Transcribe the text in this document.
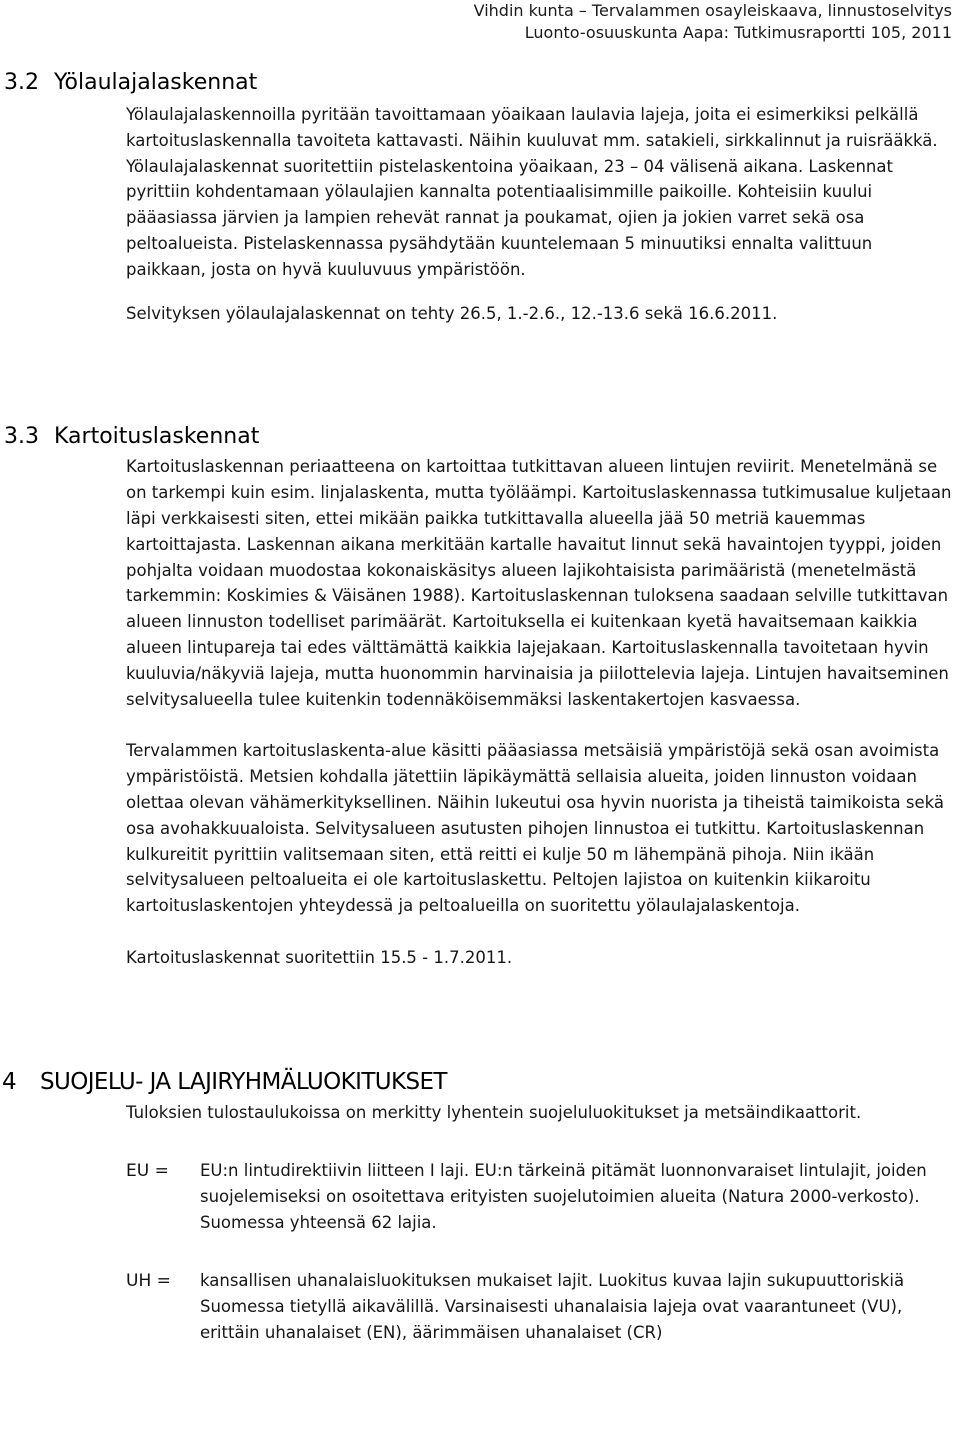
Vihdin kunta – Tervalammen osayleiskaava, linnustoselvitys
Luonto-osuuskunta Aapa: Tutkimusraportti 105, 2011
3.2 Yölaulajalaskennat

Yölaulajalaskennoilla pyritään tavoittamaan yöaikaan laulavia lajeja, joita ei esimerkiksi pelkällä kartoituslaskennalla tavoiteta kattavasti. Näihin kuuluvat mm. satakieli, sirkkalinnut ja ruisrääkkä. Yölaulajalaskennat suoritettiin pistelaskentoina yöaikaan, 23 – 04 välisenä aikana. Laskennat pyrittiin kohdentamaan yölaulajien kannalta potentiaalisimmille paikoille. Kohteisiin kuului pääasiassa järvien ja lampien rehevät rannat ja poukamat, ojien ja jokien varret sekä osa peltoalueista. Pistelaskennassa pysähdytään kuuntelemaan 5 minuutiksi ennalta valittuun paikkaan, josta on hyvä kuuluvuus ympäristöön.

Selvityksen yölaulajalaskennat on tehty 26.5, 1.-2.6., 12.-13.6 sekä 16.6.2011.

3.3 Kartoituslaskennat

Kartoituslaskennan periaatteena on kartoittaa tutkittavan alueen lintujen reviirit. Menetelmänä se on tarkempi kuin esim. linjalaskenta, mutta työläämpi. Kartoituslaskennassa tutkimusalue kuljetaan läpi verkkaisesti siten, ettei mikään paikka tutkittavalla alueella jää 50 metriä kauemmas kartoittajasta. Laskennan aikana merkitään kartalle havaitut linnut sekä havaintojen tyyppi, joiden pohjalta voidaan muodostaa kokonaiskäsitys alueen lajikohtaisista parimääristä (menetelmästä tarkemmin: Koskimies & Väisänen 1988). Kartoituslaskennan tuloksena saadaan selville tutkittavan alueen linnuston todelliset parimäärät. Kartoituksella ei kuitenkaan kyetä havaitsemaan kaikkia alueen lintupareja tai edes välttämättä kaikkia lajejakaan. Kartoituslaskennalla tavoitetaan hyvin kuuluvia/näkyviä lajeja, mutta huonommin harvinaisia ja piilottelevia lajeja. Lintujen havaitseminen selvitysalueella tulee kuitenkin todennäköisemmäksi laskentakertojen kasvaessa.

Tervalammen kartoituslaskenta-alue käsitti pääasiassa metsäisiä ympäristöjä sekä osan avoimista ympäristöistä. Metsien kohdalla jätettiin läpikäymättä sellaisia alueita, joiden linnuston voidaan olettaa olevan vähämerkityksellinen. Näihin lukeutui osa hyvin nuorista ja tiheistä taimikoista sekä osa avohakkuualoista. Selvitysalueen asutusten pihojen linnustoa ei tutkittu. Kartoituslaskennan kulkureitit pyrittiin valitsemaan siten, että reitti ei kulje 50 m lähempänä pihoja. Niin ikään selvitysalueen peltoalueita ei ole kartoituslaskettu. Peltojen lajistoa on kuitenkin kiikaroitu kartoituslaskentojen yhteydessä ja peltoalueilla on suoritettu yölaulajalaskentoja.

Kartoituslaskennat suoritettiin 15.5 - 1.7.2011.

4 SUOJELU- JA LAJIRYHMÄLUOKITUKSET

Tuloksien tulostaulukoissa on merkitty lyhentein suojeluluokitukset ja metsäindikaattorit.

EU = EU:n lintudirektiivin liitteen I laji. EU:n tärkeinä pitämät luonnonvaraiset lintulajit, joiden suojelemiseksi on osoitettava erityisten suojelutoimien alueita (Natura 2000-verkosto). Suomessa yhteensä 62 lajia.

UH = kansallisen uhanalaisluokituksen mukaiset lajit. Luokitus kuvaa lajin sukupuuttoriskiä Suomessa tietyllä aikavälillä. Varsinaisesti uhanalaisia lajeja ovat vaarantuneet (VU), erittäin uhanalaiset (EN), äärimmäisen uhanalaiset (CR)
